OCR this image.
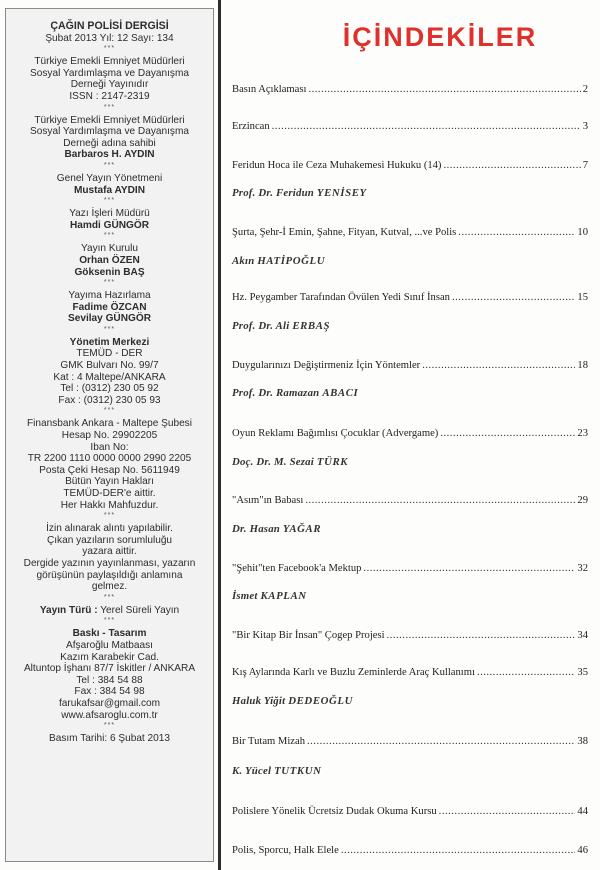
ÇAĞIN POLİSİ DERGİSİ
Şubat 2013 Yıl: 12 Sayı: 134
***
Türkiye Emekli Emniyet Müdürleri
Sosyal Yardımlaşma ve Dayanışma
Derneği Yayınıdır
ISSN : 2147-2319
***
Türkiye Emekli Emniyet Müdürleri
Sosyal Yardımlaşma ve Dayanışma
Derneği adına sahibi
Barbaros H. AYDIN
***
Genel Yayın Yönetmeni
Mustafa AYDIN
***
Yazı İşleri Müdürü
Hamdi GÜNGÖR
***
Yayın Kurulu
Orhan ÖZEN
Göksenin BAŞ
***
Yayıma Hazırlama
Fadime ÖZCAN
Sevilay GÜNGÖR
***
Yönetim Merkezi
TEMÜD - DER
GMK Bulvarı No. 99/7
Kat : 4 Maltepe/ANKARA
Tel : (0312) 230 05 92
Fax : (0312) 230 05 93
***
Finansbank Ankara - Maltepe Şubesi
Hesap No. 29902205
Iban No:
TR 2200 1110 0000 0000 2990 2205
Posta Çeki Hesap No. 5611949
Bütün Yayın Hakları
TEMÜD-DER'e aittir.
Her Hakkı Mahfuzdur.
***
İzin alınarak alıntı yapılabilir.
Çıkan yazıların sorumluluğu
yazara aittir.
Dergide yazının yayınlanması, yazarın
görüşünün paylaşıldığı anlamına
gelmez.
***
Yayın Türü : Yerel Süreli Yayın
***
Baskı - Tasarım
Afşaroğlu Matbaası
Kazım Karabekir Cad.
Altuntop İşhanı 87/7 İskitler / ANKARA
Tel : 384 54 88
Fax : 384 54 98
farukafsar@gmail.com
www.afsaroglu.com.tr
***
Basım Tarihi: 6 Şubat 2013
İÇİNDEKİLER
Basın Açıklaması .....	2
Erzincan .....	3
Feridun Hoca ile Ceza Muhakemesi Hukuku (14) .....	7
Prof. Dr. Feridun YENİSEY
Şurta, Şehr-İ Emin, Şahne, Fityan, Kutval, ...ve Polis .....	10
Akın HATİPOĞLU
Hz. Peygamber Tarafından Övülen Yedi Sınıf İnsan .....	15
Prof. Dr. Ali ERBAŞ
Duygularınızı Değiştirmeniz İçin Yöntemler .....	18
Prof. Dr. Ramazan ABACI
Oyun Reklamı Bağımlısı Çocuklar (Advergame) .....	23
Doç. Dr. M. Sezai TÜRK
"Asım"ın Babası .....	29
Dr. Hasan YAĞAR
"Şehit"ten Facebook'a Mektup .....	32
İsmet KAPLAN
"Bir Kitap Bir İnsan" Çogep Projesi .....	34
Kış Aylarında Karlı ve Buzlu Zeminlerde Araç Kullanımı .....	35
Haluk Yiğit DEDEOĞLU
Bir Tutam Mizah .....	38
K. Yücel TUTKUN
Polislere Yönelik Ücretsiz Dudak Okuma Kursu .....	44
Polis, Sporcu, Halk Elele .....	46
